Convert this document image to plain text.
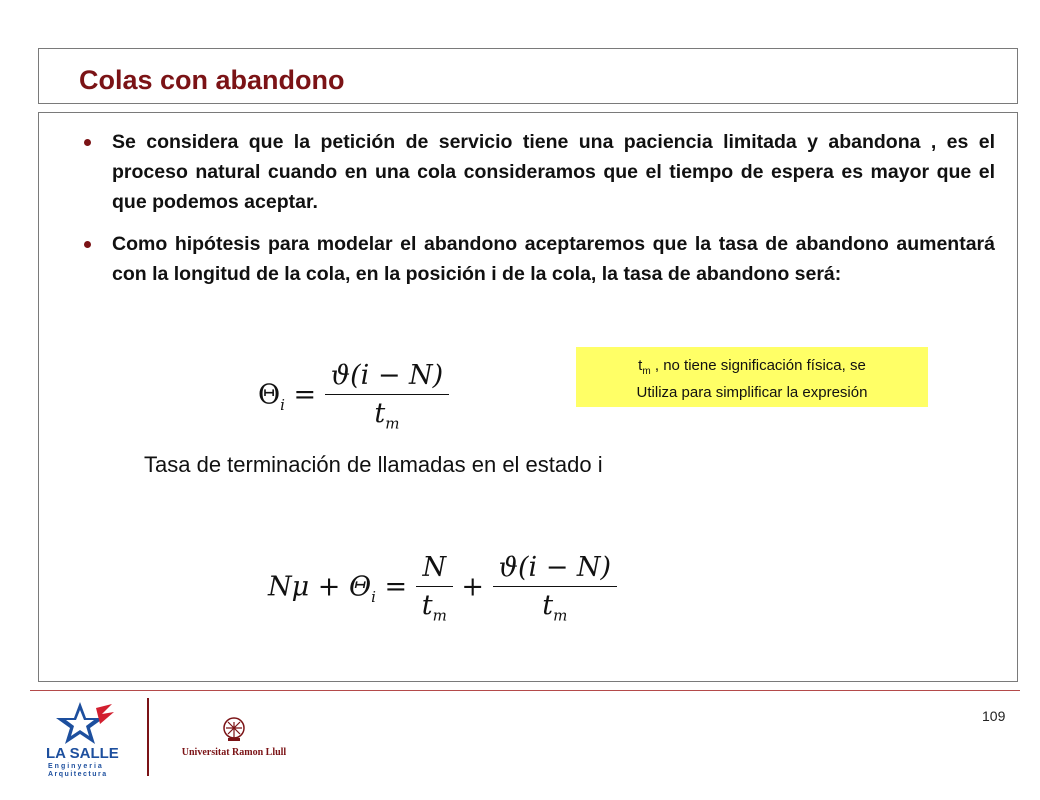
Colas con abandono
Se considera que la petición de servicio tiene una paciencia limitada y abandona , es el proceso natural cuando en una cola consideramos que el tiempo de espera es mayor que el que podemos aceptar.
Como hipótesis para modelar el abandono aceptaremos que la tasa de abandono aumentará con la longitud de la cola, en la posición i de la cola, la tasa de abandono será:
$t_m$ , no tiene significación física, se
Utiliza para simplificar la expresión
$\Theta_i = \frac{ϑ(i - N)}{t_m}$
Tasa de terminación de llamadas en el estado i
$N\mu + \Theta_i = \frac{N}{t_m} + \frac{ϑ(i - N)}{t_m}$
109
LA SALLE
Enginyeria
Arquitectura
Universitat Ramon Llull
